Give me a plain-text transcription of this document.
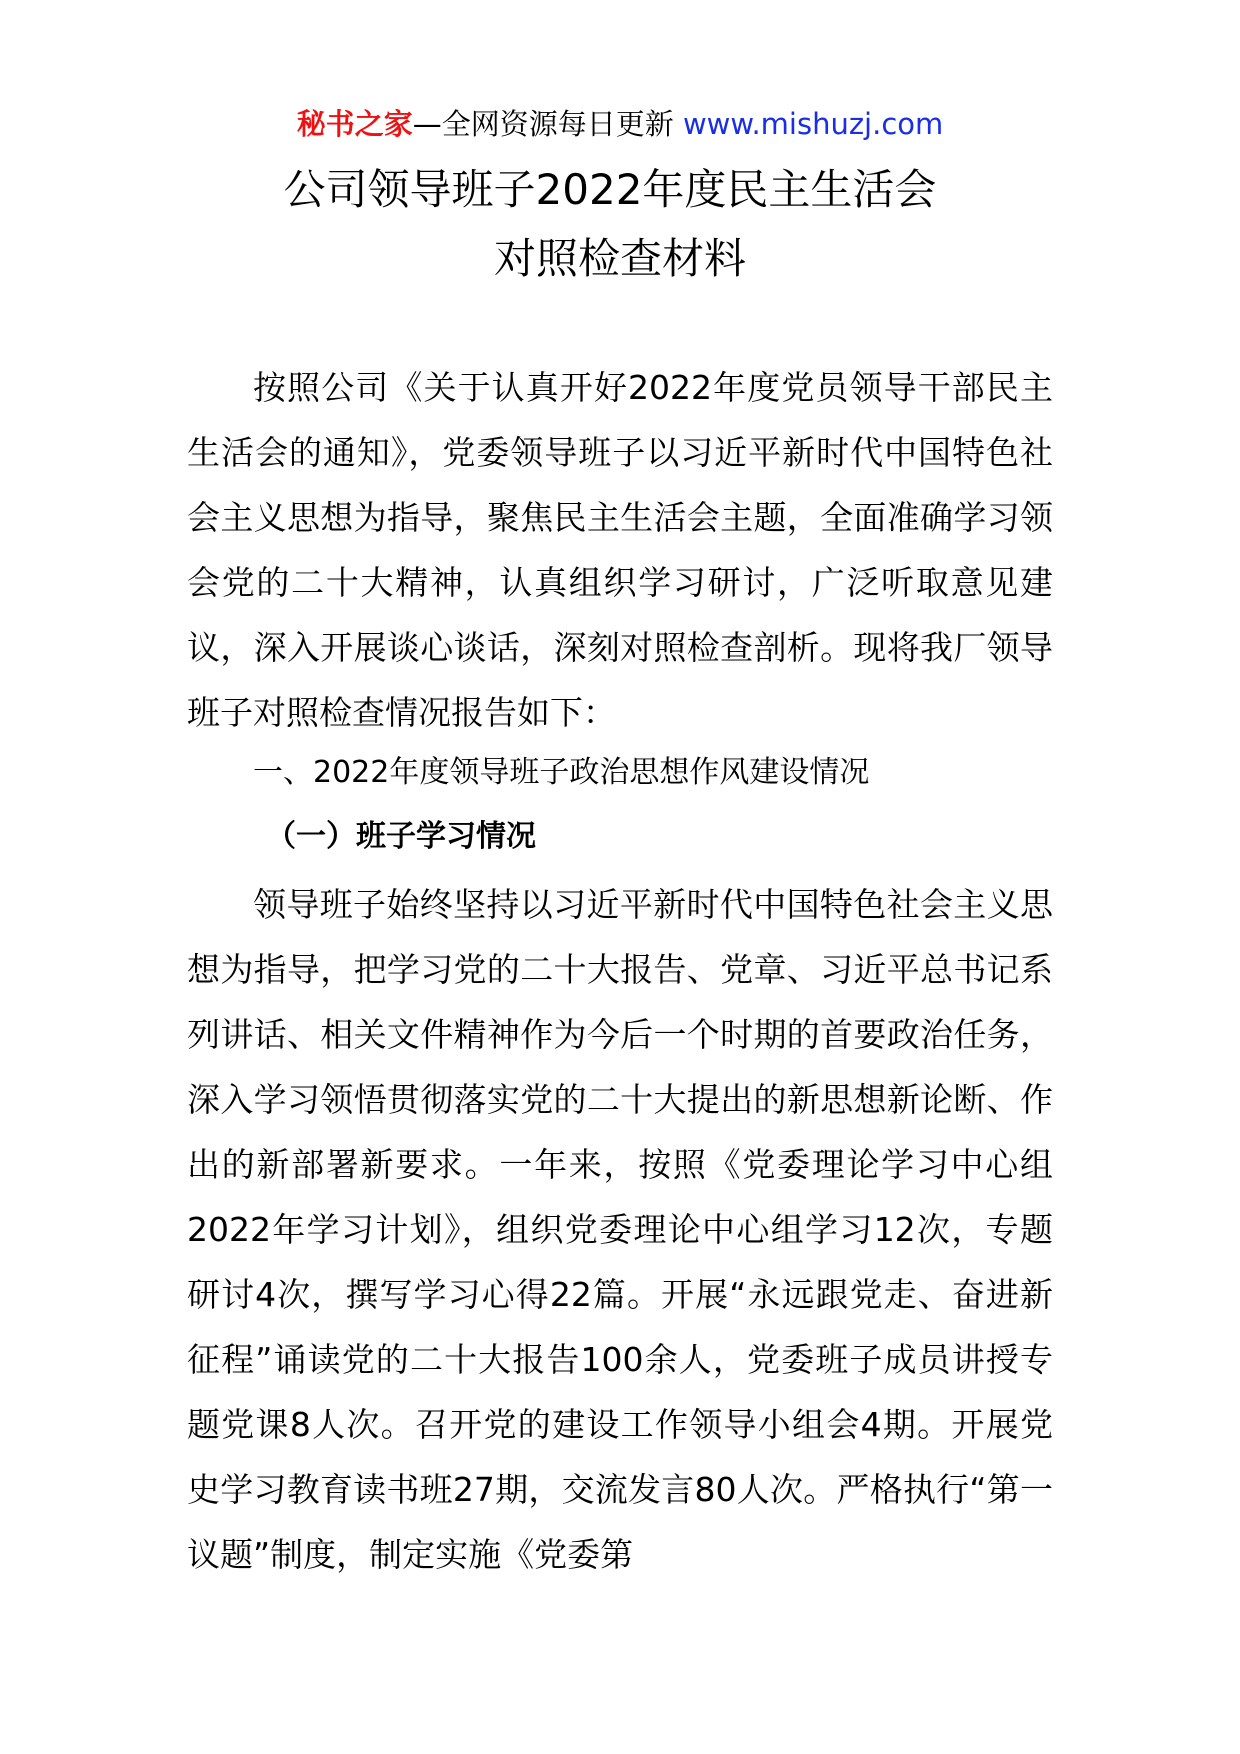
秘书之家—全网资源每日更新 www.mishuzj.com
公司领导班子2022年度民主生活会
对照检查材料

按照公司《关于认真开好2022年度党员领导干部民主生活会的通知》，党委领导班子以习近平新时代中国特色社会主义思想为指导，聚焦民主生活会主题，全面准确学习领会党的二十大精神，认真组织学习研讨，广泛听取意见建议，深入开展谈心谈话，深刻对照检查剖析。现将我厂领导班子对照检查情况报告如下：

一、2022年度领导班子政治思想作风建设情况

（一）班子学习情况

领导班子始终坚持以习近平新时代中国特色社会主义思想为指导，把学习党的二十大报告、党章、习近平总书记系列讲话、相关文件精神作为今后一个时期的首要政治任务，深入学习领悟贯彻落实党的二十大提出的新思想新论断、作出的新部署新要求。一年来，按照《党委理论学习中心组2022年学习计划》，组织党委理论中心组学习12次，专题研讨4次，撰写学习心得22篇。开展“永远跟党走、奋进新征程”诵读党的二十大报告100余人，党委班子成员讲授专题党课8人次。召开党的建设工作领导小组会4期。开展党史学习教育读书班27期，交流发言80人次。严格执行“第一议题”制度，制定实施《党委第
